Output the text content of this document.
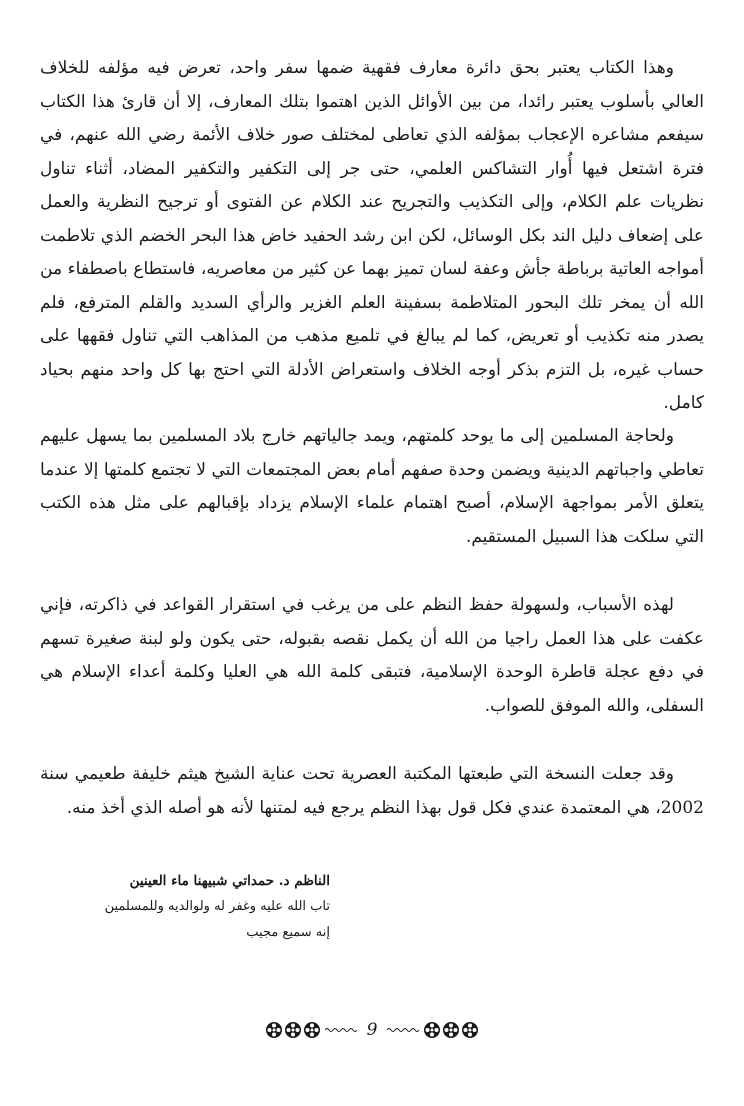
وهذا الكتاب يعتبر بحق دائرة معارف فقهية ضمها سفر واحد، تعرض فيه مؤلفه للخلاف العالي بأسلوب يعتبر رائدا، من بين الأوائل الذين اهتموا بتلك المعارف، إلا أن قارئ هذا الكتاب سيفعم مشاعره الإعجاب بمؤلفه الذي تعاطى لمختلف صور خلاف الأئمة رضي الله عنهم، في فترة اشتعل فيها أُوار التشاكس العلمي، حتى جر إلى التكفير والتكفير المضاد، أثناء تناول نظريات علم الكلام، وإلى التكذيب والتجريح عند الكلام عن الفتوى أو ترجيح النظرية والعمل على إضعاف دليل الند بكل الوسائل، لكن ابن رشد الحفيد خاض هذا البحر الخضم الذي تلاطمت أمواجه العاتية برباطة جأش وعفة لسان تميز بهما عن كثير من معاصريه، فاستطاع باصطفاء من الله أن يمخر تلك البحور المتلاطمة بسفينة العلم الغزير والرأي السديد والقلم المترفع، فلم يصدر منه تكذيب أو تعريض، كما لم يبالغ في تلميع مذهب من المذاهب التي تناول فقهها على حساب غيره، بل التزم بذكر أوجه الخلاف واستعراض الأدلة التي احتج بها كل واحد منهم بحياد كامل.

ولحاجة المسلمين إلى ما يوحد كلمتهم، ويمد جالياتهم خارج بلاد المسلمين بما يسهل عليهم تعاطي واجباتهم الدينية ويضمن وحدة صفهم أمام بعض المجتمعات التي لا تجتمع كلمتها إلا عندما يتعلق الأمر بمواجهة الإسلام، أصبح اهتمام علماء الإسلام يزداد بإقبالهم على مثل هذه الكتب التي سلكت هذا السبيل المستقيم.

لهذه الأسباب، ولسهولة حفظ النظم على من يرغب في استقرار القواعد في ذاكرته، فإني عكفت على هذا العمل راجيا من الله أن يكمل نقصه بقبوله، حتى يكون ولو لبنة صغيرة تسهم في دفع عجلة قاطرة الوحدة الإسلامية، فتبقى كلمة الله هي العليا وكلمة أعداء الإسلام هي السفلى، والله الموفق للصواب.

وقد جعلت النسخة التي طبعتها المكتبة العصرية تحت عناية الشيخ هيثم خليفة طعيمي سنة 2002، هي المعتمدة عندي فكل قول بهذا النظم يرجع فيه لمتنها لأنه هو أصله الذي أخذ منه.

الناظم د. حمداتي شبيهنا ماء العينين

تاب الله عليه وغفر له ولوالديه وللمسلمين

إنه سميع مجيب

9
